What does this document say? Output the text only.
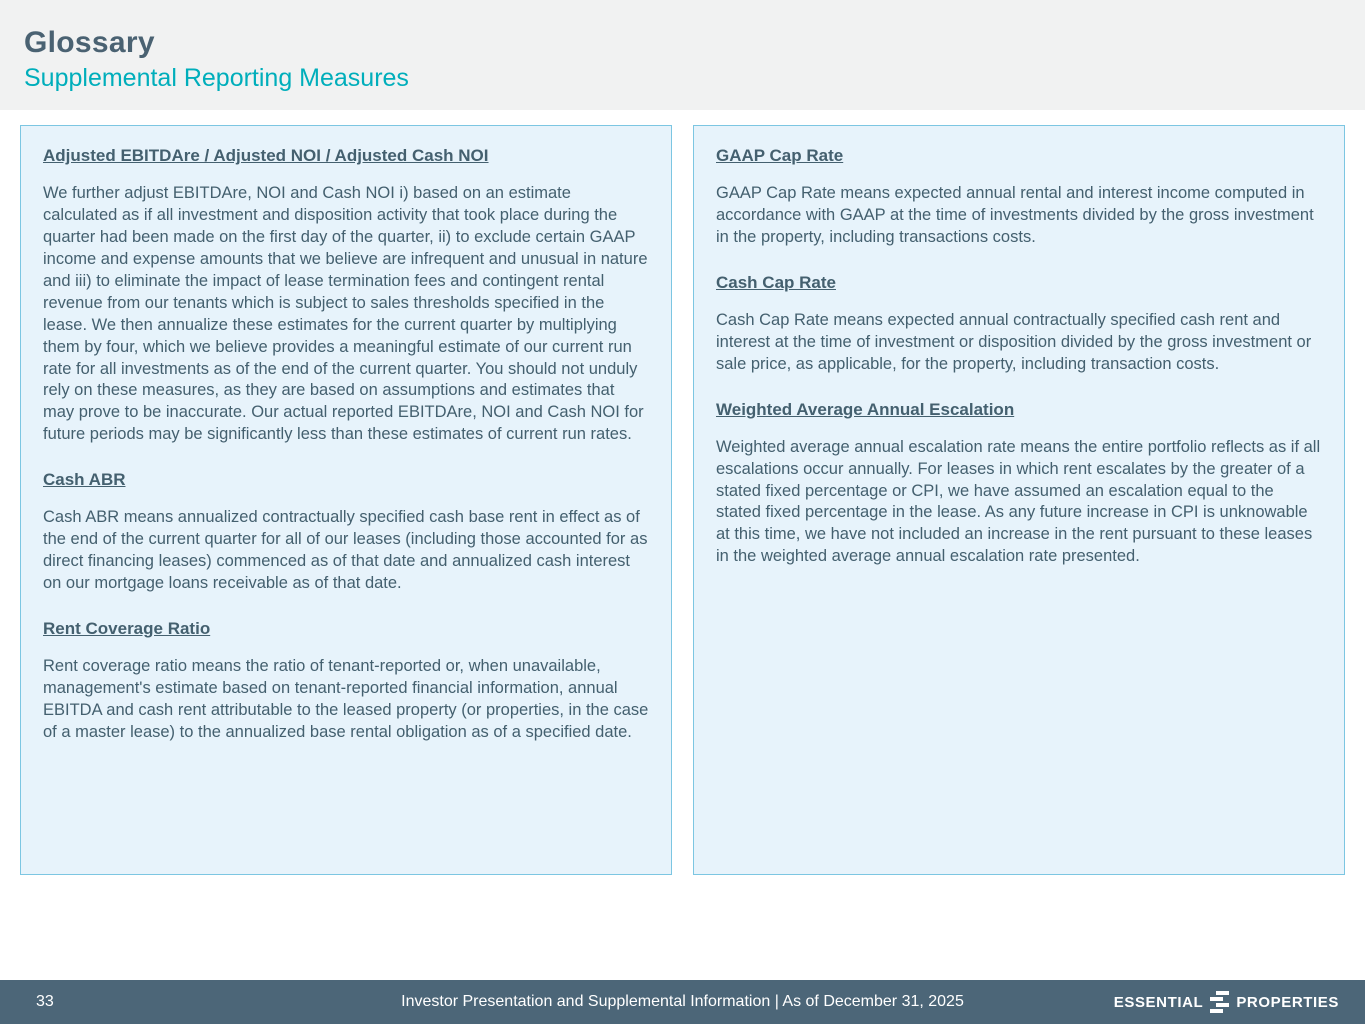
Glossary
Supplemental Reporting Measures
Adjusted EBITDAre / Adjusted NOI / Adjusted Cash NOI

We further adjust EBITDAre, NOI and Cash NOI i) based on an estimate calculated as if all investment and disposition activity that took place during the quarter had been made on the first day of the quarter, ii) to exclude certain GAAP income and expense amounts that we believe are infrequent and unusual in nature and iii) to eliminate the impact of lease termination fees and contingent rental revenue from our tenants which is subject to sales thresholds specified in the lease. We then annualize these estimates for the current quarter by multiplying them by four, which we believe provides a meaningful estimate of our current run rate for all investments as of the end of the current quarter. You should not unduly rely on these measures, as they are based on assumptions and estimates that may prove to be inaccurate. Our actual reported EBITDAre, NOI and Cash NOI for future periods may be significantly less than these estimates of current run rates.

Cash ABR

Cash ABR means annualized contractually specified cash base rent in effect as of the end of the current quarter for all of our leases (including those accounted for as direct financing leases) commenced as of that date and annualized cash interest on our mortgage loans receivable as of that date.

Rent Coverage Ratio

Rent coverage ratio means the ratio of tenant-reported or, when unavailable, management's estimate based on tenant-reported financial information, annual EBITDA and cash rent attributable to the leased property (or properties, in the case of a master lease) to the annualized base rental obligation as of a specified date.

GAAP Cap Rate

GAAP Cap Rate means expected annual rental and interest income computed in accordance with GAAP at the time of investments divided by the gross investment in the property, including transactions costs.

Cash Cap Rate

Cash Cap Rate means expected annual contractually specified cash rent and interest at the time of investment or disposition divided by the gross investment or sale price, as applicable, for the property, including transaction costs.

Weighted Average Annual Escalation

Weighted average annual escalation rate means the entire portfolio reflects as if all escalations occur annually. For leases in which rent escalates by the greater of a stated fixed percentage or CPI, we have assumed an escalation equal to the stated fixed percentage in the lease. As any future increase in CPI is unknowable at this time, we have not included an increase in the rent pursuant to these leases in the weighted average annual escalation rate presented.

33	Investor Presentation and Supplemental Information | As of December 31, 2025	ESSENTIAL PROPERTIES
